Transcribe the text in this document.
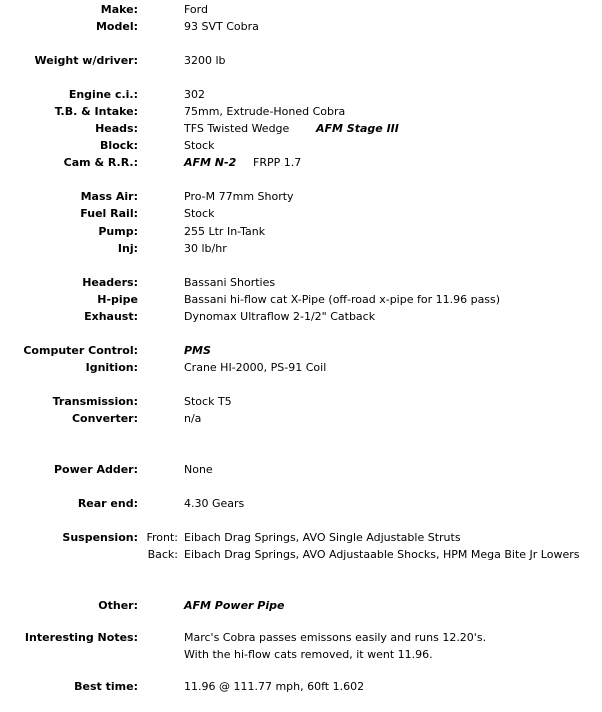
Make:	Ford
Model:	93 SVT Cobra
Weight w/driver:	3200 lb
Engine c.i.:	302
T.B. & Intake:	75mm, Extrude-Honed Cobra
Heads:	TFS Twisted Wedge AFM Stage III
Block:	Stock
Cam & R.R.:	AFM N-2 FRPP 1.7
Mass Air:	Pro-M 77mm Shorty
Fuel Rail:	Stock
Pump:	255 Ltr In-Tank
Inj:	30 lb/hr
Headers:	Bassani Shorties
H-pipe	Bassani hi-flow cat X-Pipe (off-road x-pipe for 11.96 pass)
Exhaust:	Dynomax Ultraflow 2-1/2" Catback
Computer Control:	PMS
Ignition:	Crane HI-2000, PS-91 Coil
Transmission:	Stock T5
Converter:	n/a
Power Adder:	None
Rear end:	4.30 Gears
Suspension: Front: Eibach Drag Springs, AVO Single Adjustable Struts
Back: Eibach Drag Springs, AVO Adjustaable Shocks, HPM Mega Bite Jr Lowers
Other:	AFM Power Pipe
Interesting Notes:	Marc's Cobra passes emissons easily and runs 12.20's.
With the hi-flow cats removed, it went 11.96.
Best time:	11.96 @ 111.77 mph, 60ft 1.602
